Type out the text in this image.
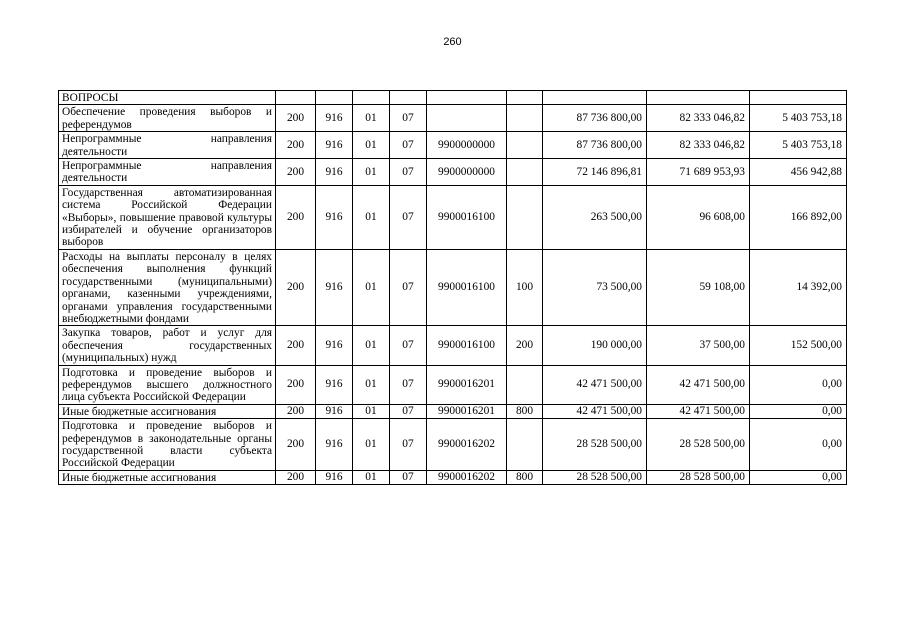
260
ВОПРОСЫ									
Обеспечение проведения выборов и референдумов	200	916	01	07			87 736 800,00	82 333 046,82	5 403 753,18
Непрограммные направления деятельности	200	916	01	07	9900000000		87 736 800,00	82 333 046,82	5 403 753,18
Непрограммные направления деятельности	200	916	01	07	9900000000		72 146 896,81	71 689 953,93	456 942,88
Государственная автоматизированная система Российской Федерации «Выборы», повышение правовой культуры избирателей и обучение организаторов выборов	200	916	01	07	9900016100		263 500,00	96 608,00	166 892,00
Расходы на выплаты персоналу в целях обеспечения выполнения функций государственными (муниципальными) органами, казенными учреждениями, органами управления государственными внебюджетными фондами	200	916	01	07	9900016100	100	73 500,00	59 108,00	14 392,00
Закупка товаров, работ и услуг для обеспечения государственных (муниципальных) нужд	200	916	01	07	9900016100	200	190 000,00	37 500,00	152 500,00
Подготовка и проведение выборов и референдумов высшего должностного лица субъекта Российской Федерации	200	916	01	07	9900016201		42 471 500,00	42 471 500,00	0,00
Иные бюджетные ассигнования	200	916	01	07	9900016201	800	42 471 500,00	42 471 500,00	0,00
Подготовка и проведение выборов и референдумов в законодательные органы государственной власти субъекта Российской Федерации	200	916	01	07	9900016202		28 528 500,00	28 528 500,00	0,00
Иные бюджетные ассигнования	200	916	01	07	9900016202	800	28 528 500,00	28 528 500,00	0,00
